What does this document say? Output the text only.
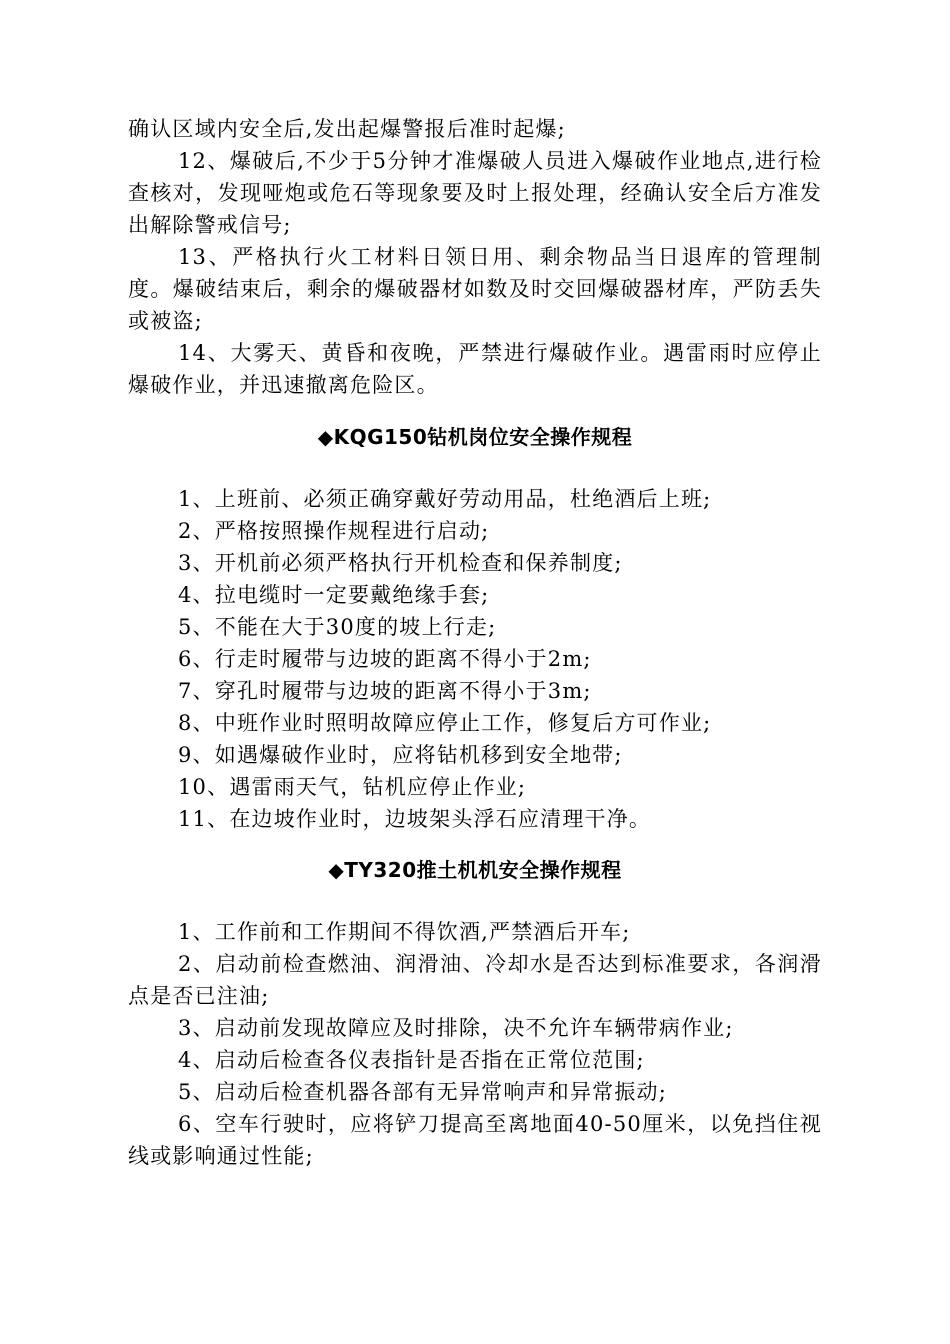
确认区域内安全后,发出起爆警报后准时起爆;

12、爆破后,不少于5分钟才准爆破人员进入爆破作业地点,进行检查核对，发现哑炮或危石等现象要及时上报处理，经确认安全后方准发出解除警戒信号;

13、严格执行火工材料日领日用、剩余物品当日退库的管理制度。爆破结束后，剩余的爆破器材如数及时交回爆破器材库，严防丢失或被盗;

14、大雾天、黄昏和夜晚，严禁进行爆破作业。遇雷雨时应停止爆破作业，并迅速撤离危险区。

◆KQG150钻机岗位安全操作规程

1、上班前、必须正确穿戴好劳动用品，杜绝酒后上班;

2、严格按照操作规程进行启动;

3、开机前必须严格执行开机检查和保养制度;

4、拉电缆时一定要戴绝缘手套;

5、不能在大于30度的坡上行走;

6、行走时履带与边坡的距离不得小于2m;

7、穿孔时履带与边坡的距离不得小于3m;

8、中班作业时照明故障应停止工作，修复后方可作业;

9、如遇爆破作业时，应将钻机移到安全地带;

10、遇雷雨天气，钻机应停止作业;

11、在边坡作业时，边坡架头浮石应清理干净。

◆TY320推土机机安全操作规程

1、工作前和工作期间不得饮酒,严禁酒后开车;

2、启动前检查燃油、润滑油、冷却水是否达到标准要求，各润滑点是否已注油;

3、启动前发现故障应及时排除，决不允许车辆带病作业;

4、启动后检查各仪表指针是否指在正常位范围;

5、启动后检查机器各部有无异常响声和异常振动;

6、空车行驶时，应将铲刀提高至离地面40-50厘米，以免挡住视线或影响通过性能;
